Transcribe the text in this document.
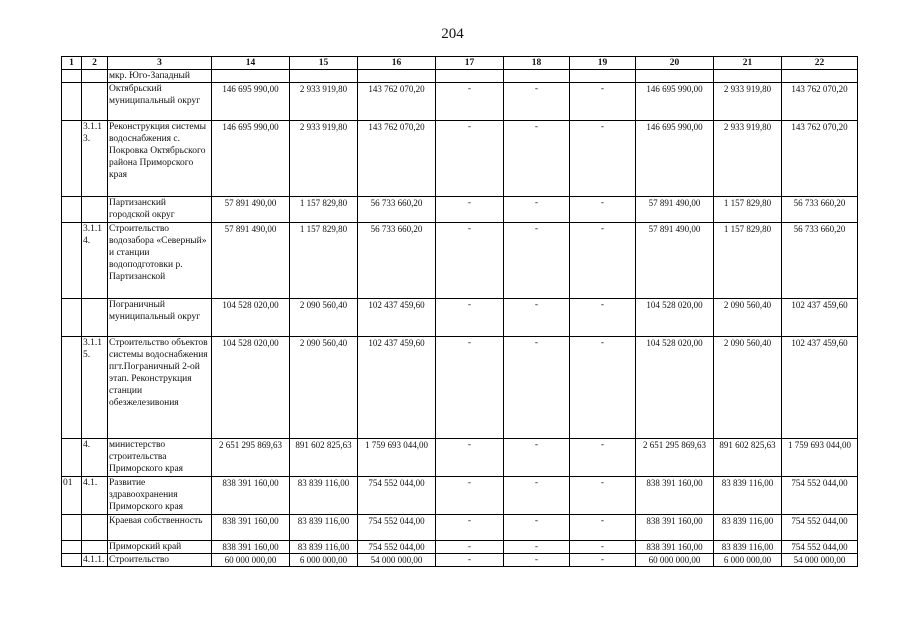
204
1	2	3	14	15	16	17	18	19	20	21	22
		мкр. Юго-Западный									
		Октябрьский муниципальный округ	146 695 990,00	2 933 919,80	143 762 070,20	-	-	-	146 695 990,00	2 933 919,80	143 762 070,20
	3.1.13.	Реконструкция системы водоснабжения с. Покровка Октябрьского района Приморского края	146 695 990,00	2 933 919,80	143 762 070,20	-	-	-	146 695 990,00	2 933 919,80	143 762 070,20
		Партизанский городской округ	57 891 490,00	1 157 829,80	56 733 660,20	-	-	-	57 891 490,00	1 157 829,80	56 733 660,20
	3.1.14.	Строительство водозабора «Северный» и станции водоподготовки р. Партизанской	57 891 490,00	1 157 829,80	56 733 660,20	-	-	-	57 891 490,00	1 157 829,80	56 733 660,20
		Пограничный муниципальный округ	104 528 020,00	2 090 560,40	102 437 459,60	-	-	-	104 528 020,00	2 090 560,40	102 437 459,60
	3.1.15.	Строительство объектов системы водоснабжения пгт.Пограничный 2-ой этап. Реконструкция станции обезжелезивония	104 528 020,00	2 090 560,40	102 437 459,60	-	-	-	104 528 020,00	2 090 560,40	102 437 459,60
	4.	министерство строительства Приморского края	2 651 295 869,63	891 602 825,63	1 759 693 044,00	-	-	-	2 651 295 869,63	891 602 825,63	1 759 693 044,00
01	4.1.	Развитие здравоохранения Приморского края	838 391 160,00	83 839 116,00	754 552 044,00	-	-	-	838 391 160,00	83 839 116,00	754 552 044,00
		Краевая собственность	838 391 160,00	83 839 116,00	754 552 044,00	-	-	-	838 391 160,00	83 839 116,00	754 552 044,00
		Приморский край	838 391 160,00	83 839 116,00	754 552 044,00	-	-	-	838 391 160,00	83 839 116,00	754 552 044,00
	4.1.1.	Строительство	60 000 000,00	6 000 000,00	54 000 000,00	-	-	-	60 000 000,00	6 000 000,00	54 000 000,00
